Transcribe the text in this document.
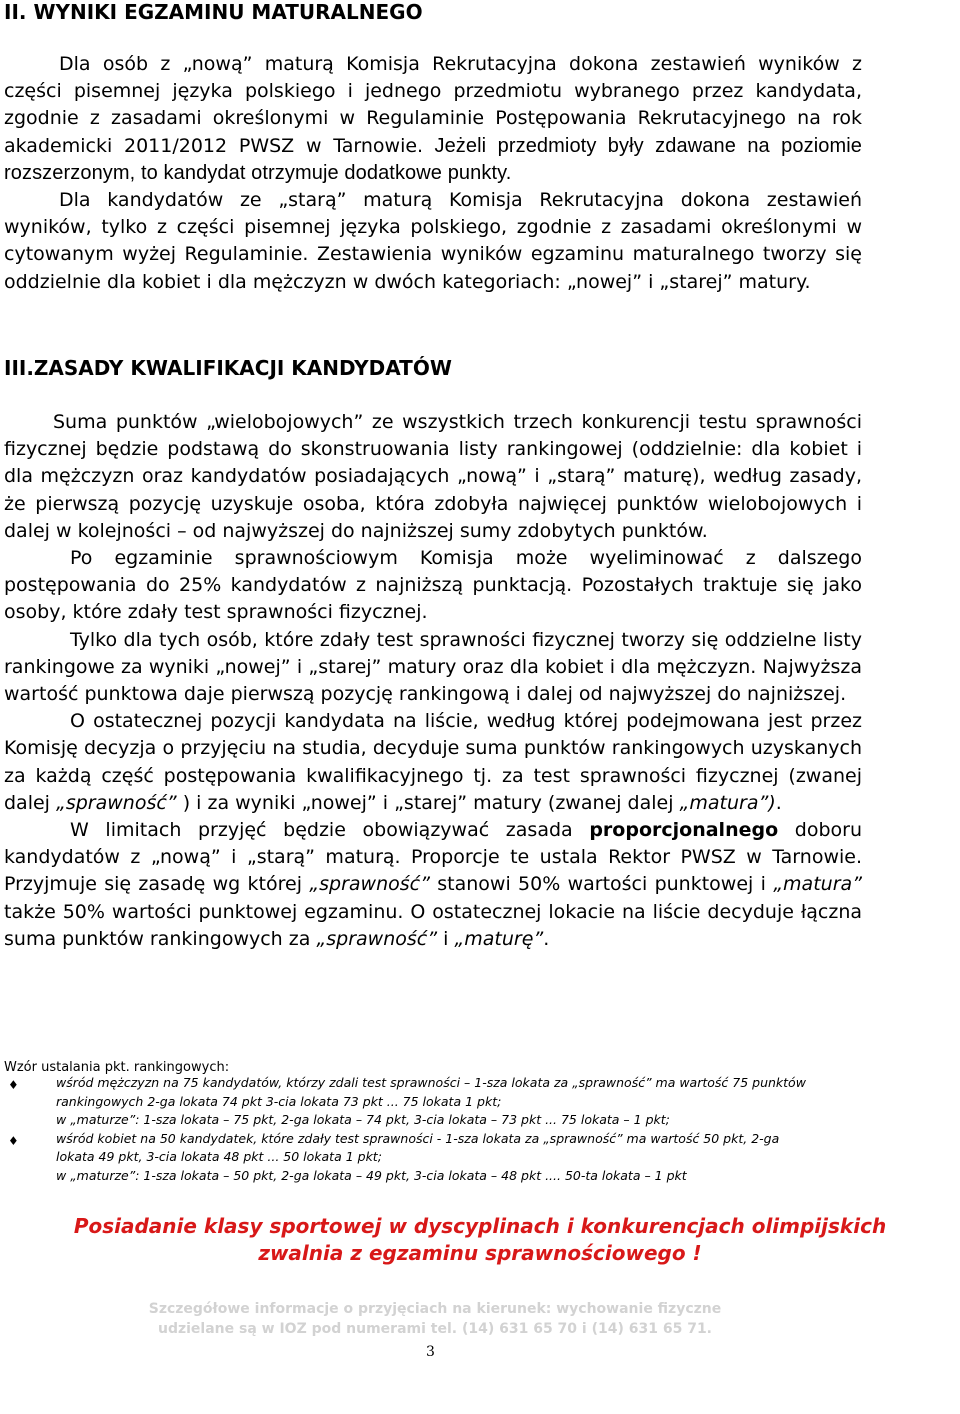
II. WYNIKI EGZAMINU MATURALNEGO

Dla osób z „nową” maturą Komisja Rekrutacyjna dokona zestawień wyników z części pisemnej języka polskiego i jednego przedmiotu wybranego przez kandydata, zgodnie z zasadami określonymi w Regulaminie Postępowania Rekrutacyjnego na rok akademicki 2011/2012 PWSZ w Tarnowie. Jeżeli przedmioty były zdawane na poziomie rozszerzonym, to kandydat otrzymuje dodatkowe punkty.

Dla kandydatów ze „starą” maturą Komisja Rekrutacyjna dokona zestawień wyników, tylko z części pisemnej języka polskiego, zgodnie z zasadami określonymi w cytowanym wyżej Regulaminie. Zestawienia wyników egzaminu maturalnego tworzy się oddzielnie dla kobiet i dla mężczyzn w dwóch kategoriach: „nowej” i „starej” matury.

III.ZASADY KWALIFIKACJI KANDYDATÓW

Suma punktów „wielobojowych” ze wszystkich trzech konkurencji testu sprawności fizycznej będzie podstawą do skonstruowania listy rankingowej (oddzielnie: dla kobiet i dla mężczyzn oraz kandydatów posiadających „nową” i „starą” maturę), według zasady, że pierwszą pozycję uzyskuje osoba, która zdobyła najwięcej punktów wielobojowych i dalej w kolejności – od najwyższej do najniższej sumy zdobytych punktów.

Po egzaminie sprawnościowym Komisja może wyeliminować z dalszego postępowania do 25% kandydatów z najniższą punktacją. Pozostałych traktuje się jako osoby, które zdały test sprawności fizycznej.

Tylko dla tych osób, które zdały test sprawności fizycznej tworzy się oddzielne listy rankingowe za wyniki „nowej” i „starej” matury oraz dla kobiet i dla mężczyzn. Najwyższa wartość punktowa daje pierwszą pozycję rankingową i dalej od najwyższej do najniższej.

O ostatecznej pozycji kandydata na liście, według której podejmowana jest przez Komisję decyzja o przyjęciu na studia, decyduje suma punktów rankingowych uzyskanych za każdą część postępowania kwalifikacyjnego tj. za test sprawności fizycznej (zwanej dalej „sprawność” ) i za wyniki „nowej” i „starej” matury (zwanej dalej „matura”).

W limitach przyjęć będzie obowiązywać zasada proporcjonalnego doboru kandydatów z „nową” i „starą” maturą. Proporcje te ustala Rektor PWSZ w Tarnowie. Przyjmuje się zasadę wg której „sprawność” stanowi 50% wartości punktowej i „matura” także 50% wartości punktowej egzaminu. O ostatecznej lokacie na liście decyduje łączna suma punktów rankingowych za „sprawność” i „maturę”.

Wzór ustalania pkt. rankingowych:
♦	wśród mężczyzn na 75 kandydatów, którzy zdali test sprawności – 1-sza lokata za „sprawność” ma wartość 75 punktów
rankingowych 2-ga lokata 74 pkt 3-cia lokata 73 pkt ... 75 lokata 1 pkt;
w „maturze”: 1-sza lokata – 75 pkt, 2-ga lokata – 74 pkt, 3-cia lokata – 73 pkt ... 75 lokata – 1 pkt;
♦	wśród kobiet na 50 kandydatek, które zdały test sprawności - 1-sza lokata za „sprawność” ma wartość 50 pkt, 2-ga
lokata 49 pkt, 3-cia lokata 48 pkt ... 50 lokata 1 pkt;
w „maturze”: 1-sza lokata – 50 pkt, 2-ga lokata – 49 pkt, 3-cia lokata – 48 pkt .... 50-ta lokata – 1 pkt
Posiadanie klasy sportowej w dyscyplinach i konkurencjach olimpijskich
zwalnia z egzaminu sprawnościowego !
Szczegółowe informacje o przyjęciach na kierunek: wychowanie fizyczne
udzielane są w IOZ pod numerami tel. (14) 631 65 70 i (14) 631 65 71.
3
